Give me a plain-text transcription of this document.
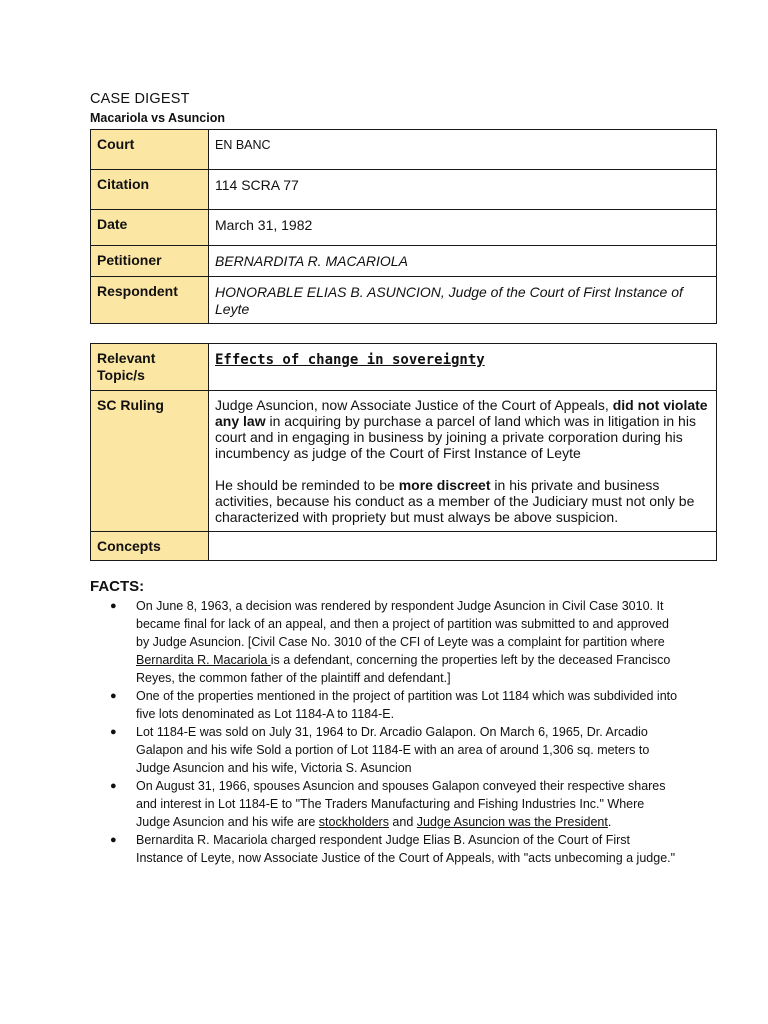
CASE DIGEST
Macariola vs Asuncion
Court	EN BANC
Citation	114 SCRA 77
Date	March 31, 1982
Petitioner	BERNARDITA R. MACARIOLA
Respondent	HONORABLE ELIAS B. ASUNCION, Judge of the Court of First Instance of Leyte
Relevant Topic/s	Effects of change in sovereignty
SC Ruling	Judge Asuncion, now Associate Justice of the Court of Appeals, did not violate any law in acquiring by purchase a parcel of land which was in litigation in his court and in engaging in business by joining a private corporation during his incumbency as judge of the Court of First Instance of Leyte

He should be reminded to be more discreet in his private and business activities, because his conduct as a member of the Judiciary must not only be characterized with propriety but must always be above suspicion.

Concepts	
FACTS:
● On June 8, 1963, a decision was rendered by respondent Judge Asuncion in Civil Case 3010. It became final for lack of an appeal, and then a project of partition was submitted to and approved by Judge Asuncion. [Civil Case No. 3010 of the CFI of Leyte was a complaint for partition where Bernardita R. Macariola is a defendant, concerning the properties left by the deceased Francisco Reyes, the common father of the plaintiff and defendant.]
● One of the properties mentioned in the project of partition was Lot 1184 which was subdivided into five lots denominated as Lot 1184-A to 1184-E.
● Lot 1184-E was sold on July 31, 1964 to Dr. Arcadio Galapon. On March 6, 1965, Dr. Arcadio Galapon and his wife Sold a portion of Lot 1184-E with an area of around 1,306 sq. meters to Judge Asuncion and his wife, Victoria S. Asuncion
● On August 31, 1966, spouses Asuncion and spouses Galapon conveyed their respective shares and interest in Lot 1184-E to "The Traders Manufacturing and Fishing Industries Inc." Where Judge Asuncion and his wife are stockholders and Judge Asuncion was the President.
● Bernardita R. Macariola charged respondent Judge Elias B. Asuncion of the Court of First Instance of Leyte, now Associate Justice of the Court of Appeals, with "acts unbecoming a judge."
